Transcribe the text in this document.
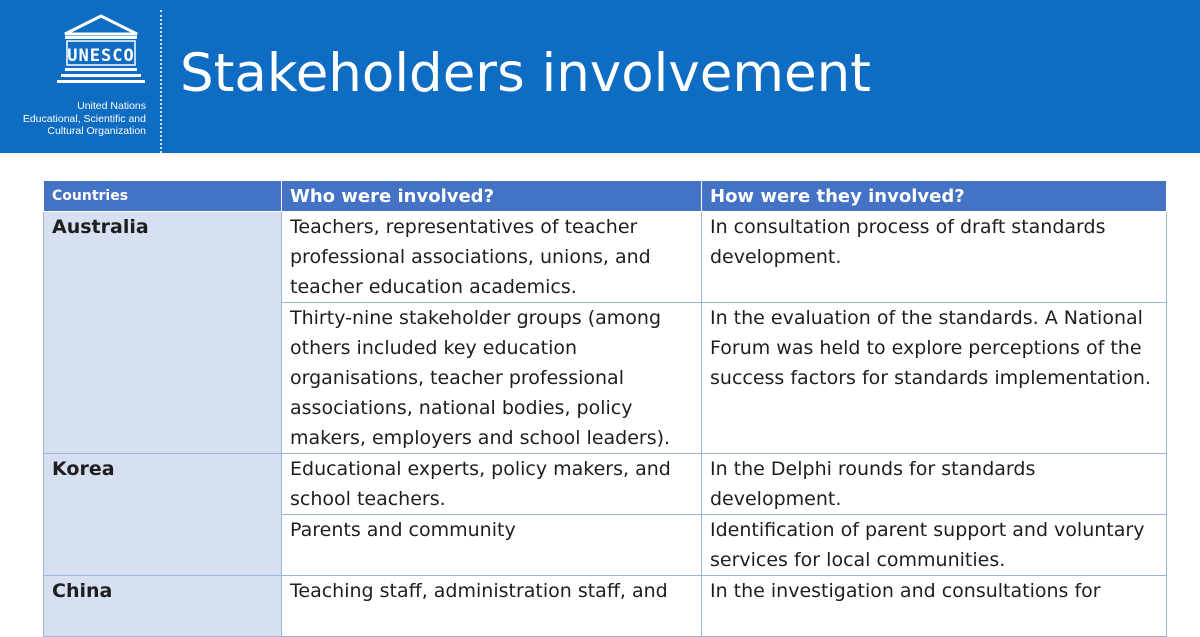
UNESCO
United Nations
Educational, Scientific and
Cultural Organization
Stakeholders involvement
Countries	Who were involved?	How were they involved?
Australia	Teachers, representatives of teacher professional associations, unions, and teacher education academics.	In consultation process of draft standards development.
	Thirty-nine stakeholder groups (among others included key education organisations, teacher professional associations, national bodies, policy makers, employers and school leaders).	In the evaluation of the standards. A National Forum was held to explore perceptions of the success factors for standards implementation.
Korea	Educational experts, policy makers, and school teachers.	In the Delphi rounds for standards development.
	Parents and community	Identification of parent support and voluntary services for local communities.
China	Teaching staff, administration staff, and	In the investigation and consultations for
